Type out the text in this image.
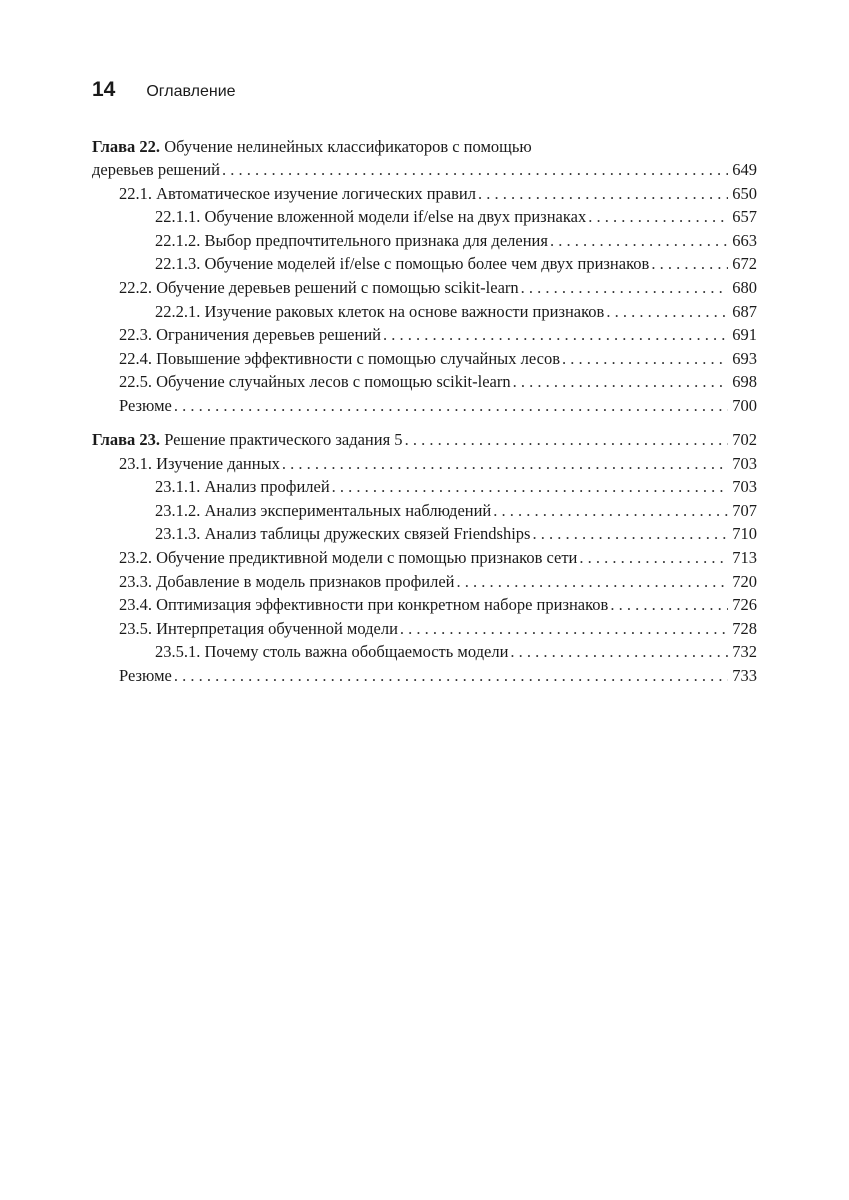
14 Оглавление
Глава 22. Обучение нелинейных классификаторов с помощью
деревьев решений . . .	649
22.1. Автоматическое изучение логических правил . . .	650
22.1.1. Обучение вложенной модели if/else на двух признаках . . .	657
22.1.2. Выбор предпочтительного признака для деления . . .	663
22.1.3. Обучение моделей if/else с помощью более чем двух признаков . . .	672
22.2. Обучение деревьев решений с помощью scikit-learn . . .	680
22.2.1. Изучение раковых клеток на основе важности признаков . . .	687
22.3. Ограничения деревьев решений . . .	691
22.4. Повышение эффективности с помощью случайных лесов . . .	693
22.5. Обучение случайных лесов с помощью scikit-learn . . .	698
Резюме . . .	700
Глава 23. Решение практического задания 5 . . .	702
23.1. Изучение данных . . .	703
23.1.1. Анализ профилей . . .	703
23.1.2. Анализ экспериментальных наблюдений . . .	707
23.1.3. Анализ таблицы дружеских связей Friendships . . .	710
23.2. Обучение предиктивной модели с помощью признаков сети . . .	713
23.3. Добавление в модель признаков профилей . . .	720
23.4. Оптимизация эффективности при конкретном наборе признаков . . .	726
23.5. Интерпретация обученной модели . . .	728
23.5.1. Почему столь важна обобщаемость модели . . .	732
Резюме . . .	733
